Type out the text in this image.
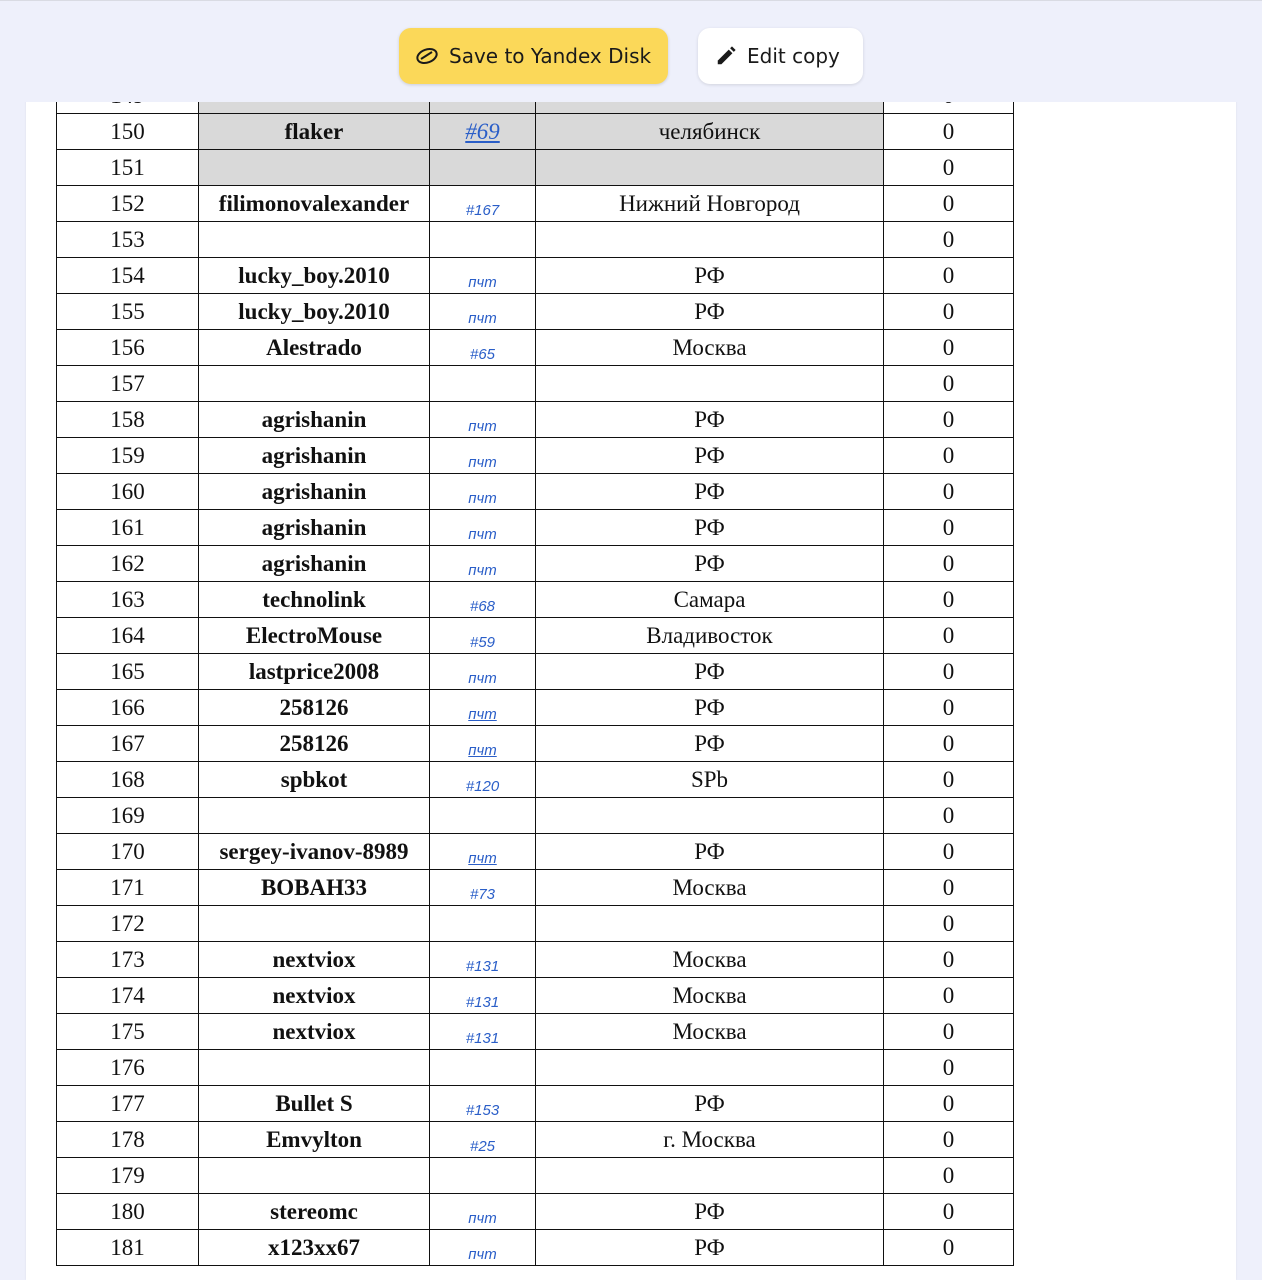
Save to Yandex Disk	Edit copy

150	flaker	#69	челябинск	0
151				0
152	filimonovalexander	#167	Нижний Новгород	0
153				0
154	lucky_boy.2010	пчт	РФ	0
155	lucky_boy.2010	пчт	РФ	0
156	Alestrado	#65	Москва	0
157				0
158	agrishanin	пчт	РФ	0
159	agrishanin	пчт	РФ	0
160	agrishanin	пчт	РФ	0
161	agrishanin	пчт	РФ	0
162	agrishanin	пчт	РФ	0
163	technolink	#68	Самара	0
164	ElectroMouse	#59	Владивосток	0
165	lastprice2008	пчт	РФ	0
166	258126	пчт	РФ	0
167	258126	пчт	РФ	0
168	spbkot	#120	SPb	0
169				0
170	sergey-ivanov-8989	пчт	РФ	0
171	BOBAH33	#73	Москва	0
172				0
173	nextviox	#131	Москва	0
174	nextviox	#131	Москва	0
175	nextviox	#131	Москва	0
176				0
177	Bullet S	#153	РФ	0
178	Emvylton	#25	г. Москва	0
179				0
180	stereomc	пчт	РФ	0
181	x123xx67	пчт	РФ	0
